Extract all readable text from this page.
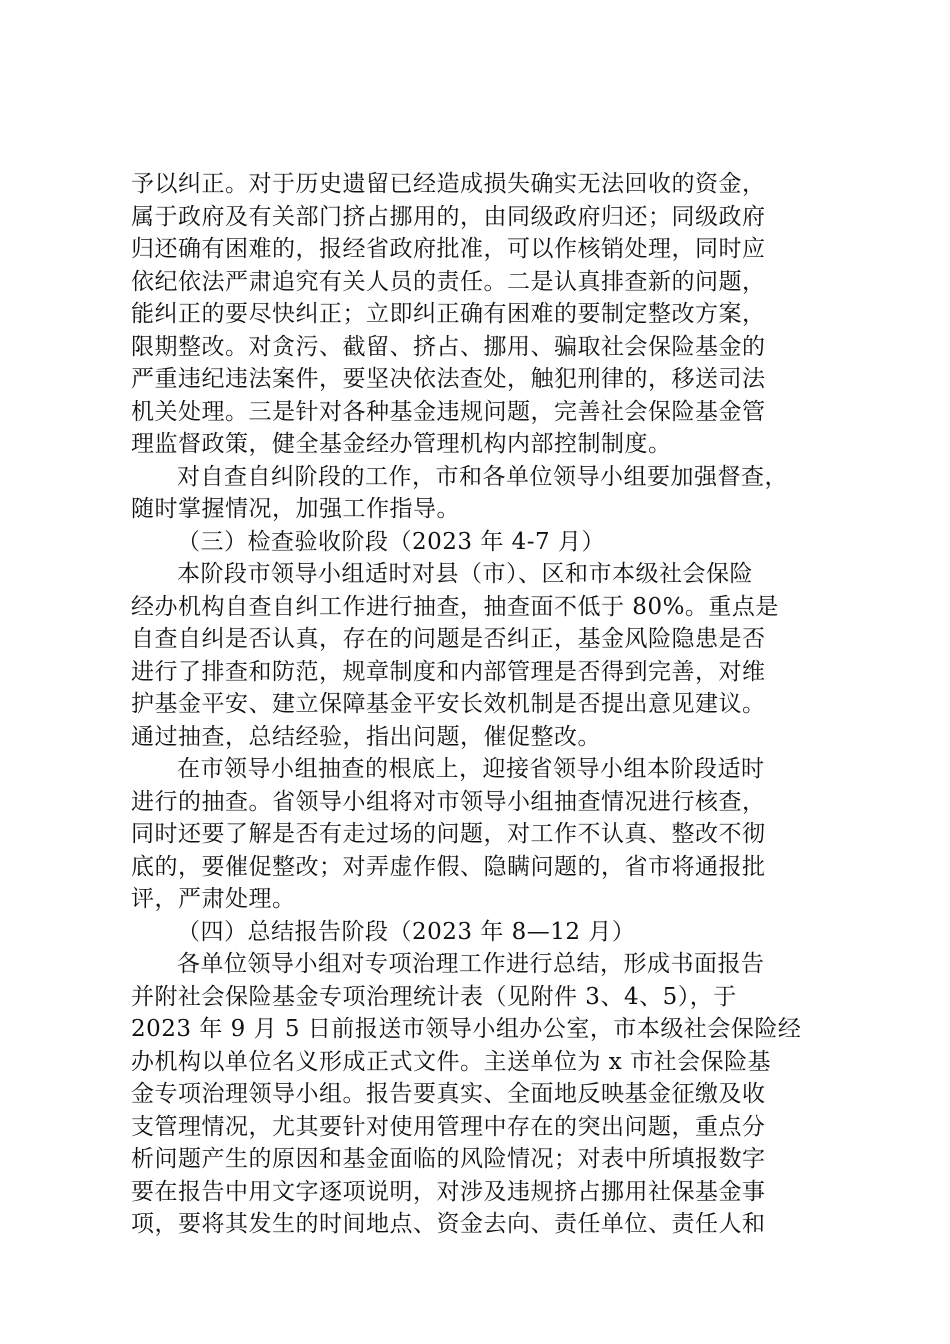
予以纠正。对于历史遗留已经造成损失确实无法回收的资金，
属于政府及有关部门挤占挪用的，由同级政府归还；同级政府
归还确有困难的，报经省政府批准，可以作核销处理，同时应
依纪依法严肃追究有关人员的责任。二是认真排查新的问题，
能纠正的要尽快纠正；立即纠正确有困难的要制定整改方案，
限期整改。对贪污、截留、挤占、挪用、骗取社会保险基金的
严重违纪违法案件，要坚决依法查处，触犯刑律的，移送司法
机关处理。三是针对各种基金违规问题，完善社会保险基金管
理监督政策，健全基金经办管理机构内部控制制度。
对自查自纠阶段的工作，市和各单位领导小组要加强督查，
随时掌握情况，加强工作指导。
（三）检查验收阶段（2023 年 4-7 月）
本阶段市领导小组适时对县（市）、区和市本级社会保险
经办机构自查自纠工作进行抽查，抽查面不低于 80%。重点是
自查自纠是否认真，存在的问题是否纠正，基金风险隐患是否
进行了排查和防范，规章制度和内部管理是否得到完善，对维
护基金平安、建立保障基金平安长效机制是否提出意见建议。
通过抽查，总结经验，指出问题，催促整改。
在市领导小组抽查的根底上，迎接省领导小组本阶段适时
进行的抽查。省领导小组将对市领导小组抽查情况进行核查，
同时还要了解是否有走过场的问题，对工作不认真、整改不彻
底的，要催促整改；对弄虚作假、隐瞒问题的，省市将通报批
评，严肃处理。
（四）总结报告阶段（2023 年 8—12 月）
各单位领导小组对专项治理工作进行总结，形成书面报告
并附社会保险基金专项治理统计表（见附件 3、4、5），于
2023 年 9 月 5 日前报送市领导小组办公室，市本级社会保险经
办机构以单位名义形成正式文件。主送单位为 x 市社会保险基
金专项治理领导小组。报告要真实、全面地反映基金征缴及收
支管理情况，尤其要针对使用管理中存在的突出问题，重点分
析问题产生的原因和基金面临的风险情况；对表中所填报数字
要在报告中用文字逐项说明，对涉及违规挤占挪用社保基金事
项，要将其发生的时间地点、资金去向、责任单位、责任人和
